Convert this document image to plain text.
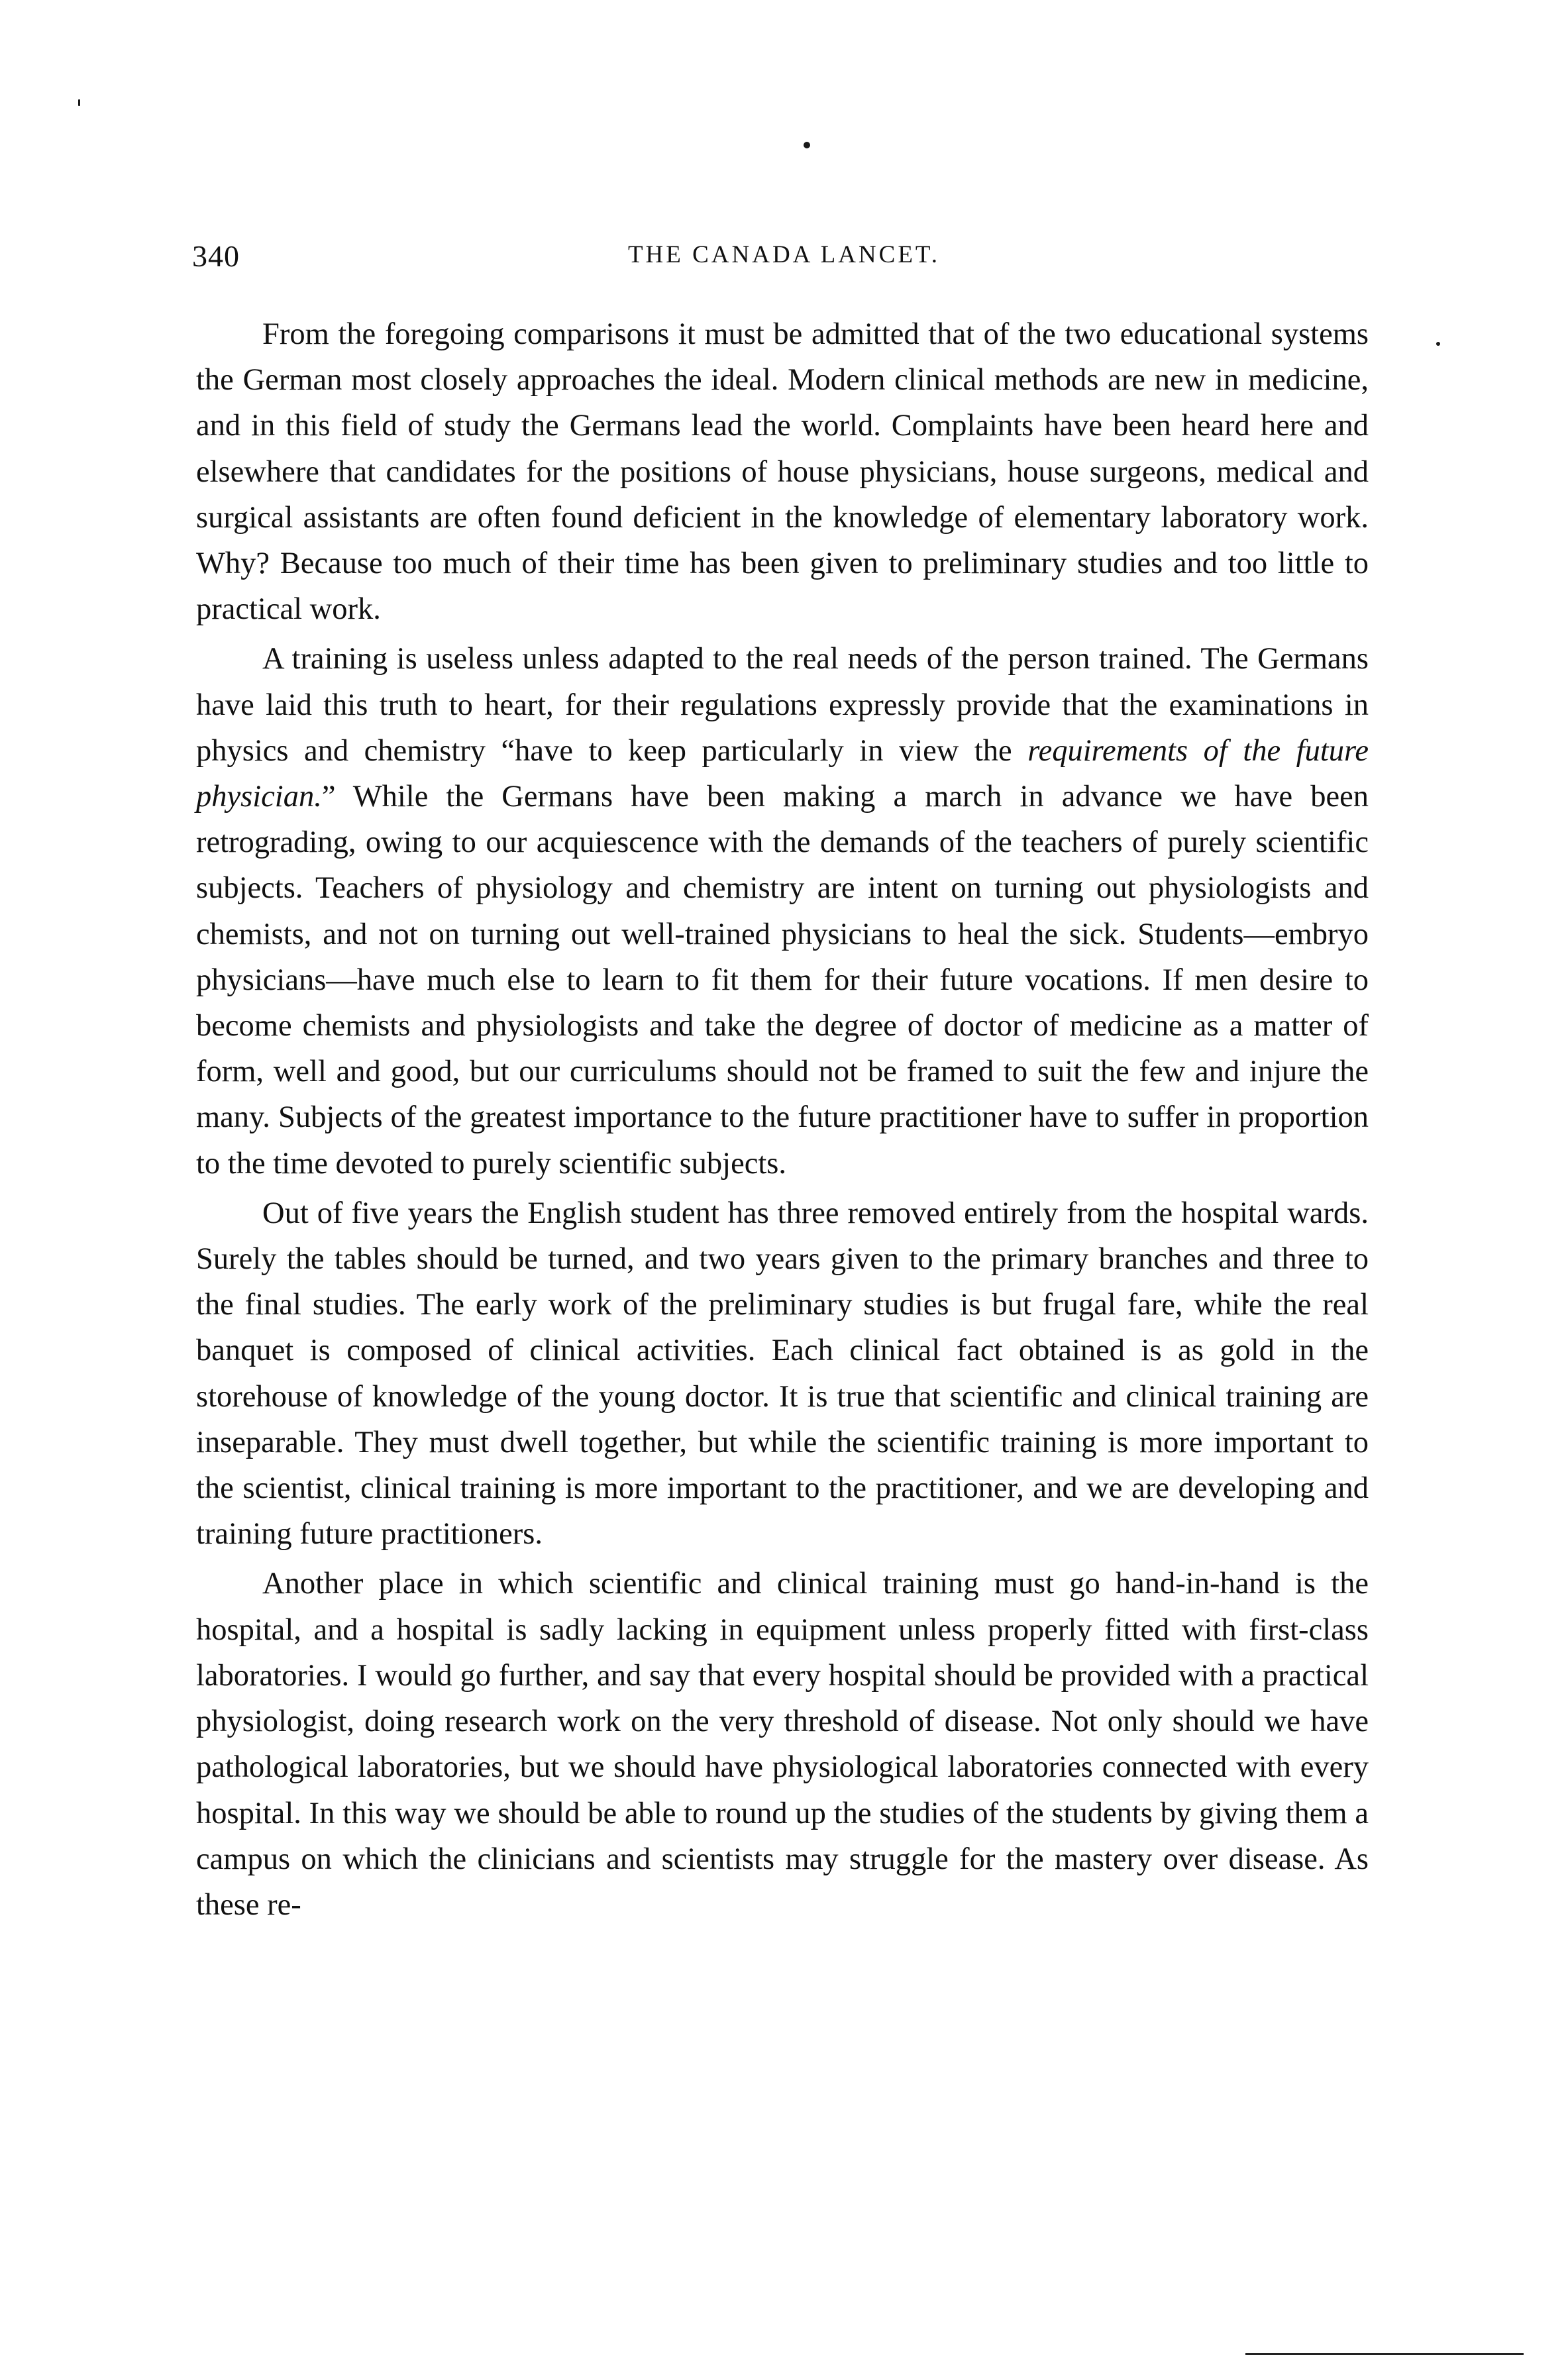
340	THE CANADA LANCET.

From the foregoing comparisons it must be admitted that of the two educational systems the German most closely approaches the ideal. Modern clinical methods are new in medicine, and in this field of study the Germans lead the world. Complaints have been heard here and elsewhere that candidates for the positions of house physicians, house surgeons, medical and surgical assistants are often found deficient in the knowledge of elementary laboratory work. Why? Because too much of their time has been given to preliminary studies and too little to practical work.

A training is useless unless adapted to the real needs of the person trained. The Germans have laid this truth to heart, for their regulations expressly provide that the examinations in physics and chemistry “have to keep particularly in view the requirements of the future physician.” While the Germans have been making a march in advance we have been retrograding, owing to our acquiescence with the demands of the teachers of purely scientific subjects. Teachers of physiology and chemistry are intent on turning out physiologists and chemists, and not on turning out well-trained physicians to heal the sick. Students—embryo physicians—have much else to learn to fit them for their future vocations. If men desire to become chemists and physiologists and take the degree of doctor of medicine as a matter of form, well and good, but our curriculums should not be framed to suit the few and injure the many. Subjects of the greatest importance to the future practitioner have to suffer in proportion to the time devoted to purely scientific subjects.

Out of five years the English student has three removed entirely from the hospital wards. Surely the tables should be turned, and two years given to the primary branches and three to the final studies. The early work of the preliminary studies is but frugal fare, while the real banquet is composed of clinical activities. Each clinical fact obtained is as gold in the storehouse of knowledge of the young doctor. It is true that scientific and clinical training are inseparable. They must dwell together, but while the scientific training is more important to the scientist, clinical training is more important to the practitioner, and we are developing and training future practitioners.

Another place in which scientific and clinical training must go hand-in-hand is the hospital, and a hospital is sadly lacking in equipment unless properly fitted with first-class laboratories. I would go further, and say that every hospital should be provided with a practical physiologist, doing research work on the very threshold of disease. Not only should we have pathological laboratories, but we should have physiological laboratories connected with every hospital. In this way we should be able to round up the studies of the students by giving them a campus on which the clinicians and scientists may struggle for the mastery over disease. As these re-
